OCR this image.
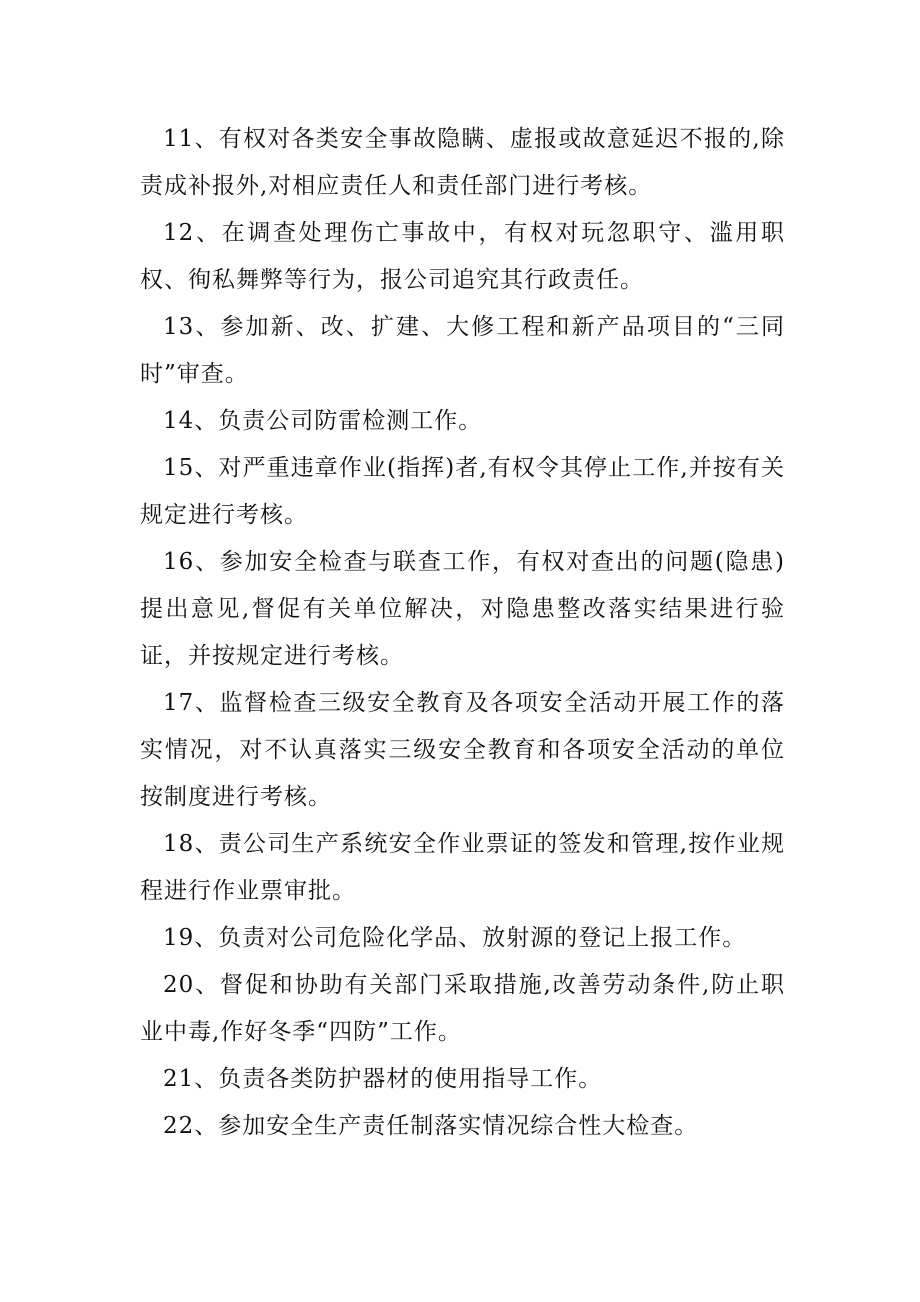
11、有权对各类安全事故隐瞒、虚报或故意延迟不报的,除责成补报外,对相应责任人和责任部门进行考核。

12、在调查处理伤亡事故中，有权对玩忽职守、滥用职权、徇私舞弊等行为，报公司追究其行政责任。

13、参加新、改、扩建、大修工程和新产品项目的“三同时”审查。

14、负责公司防雷检测工作。

15、对严重违章作业(指挥)者,有权令其停止工作,并按有关规定进行考核。

16、参加安全检查与联查工作，有权对查出的问题(隐患)提出意见,督促有关单位解决，对隐患整改落实结果进行验证，并按规定进行考核。

17、监督检查三级安全教育及各项安全活动开展工作的落实情况，对不认真落实三级安全教育和各项安全活动的单位按制度进行考核。

18、责公司生产系统安全作业票证的签发和管理,按作业规程进行作业票审批。

19、负责对公司危险化学品、放射源的登记上报工作。

20、督促和协助有关部门采取措施,改善劳动条件,防止职业中毒,作好冬季“四防”工作。

21、负责各类防护器材的使用指导工作。

22、参加安全生产责任制落实情况综合性大检查。
